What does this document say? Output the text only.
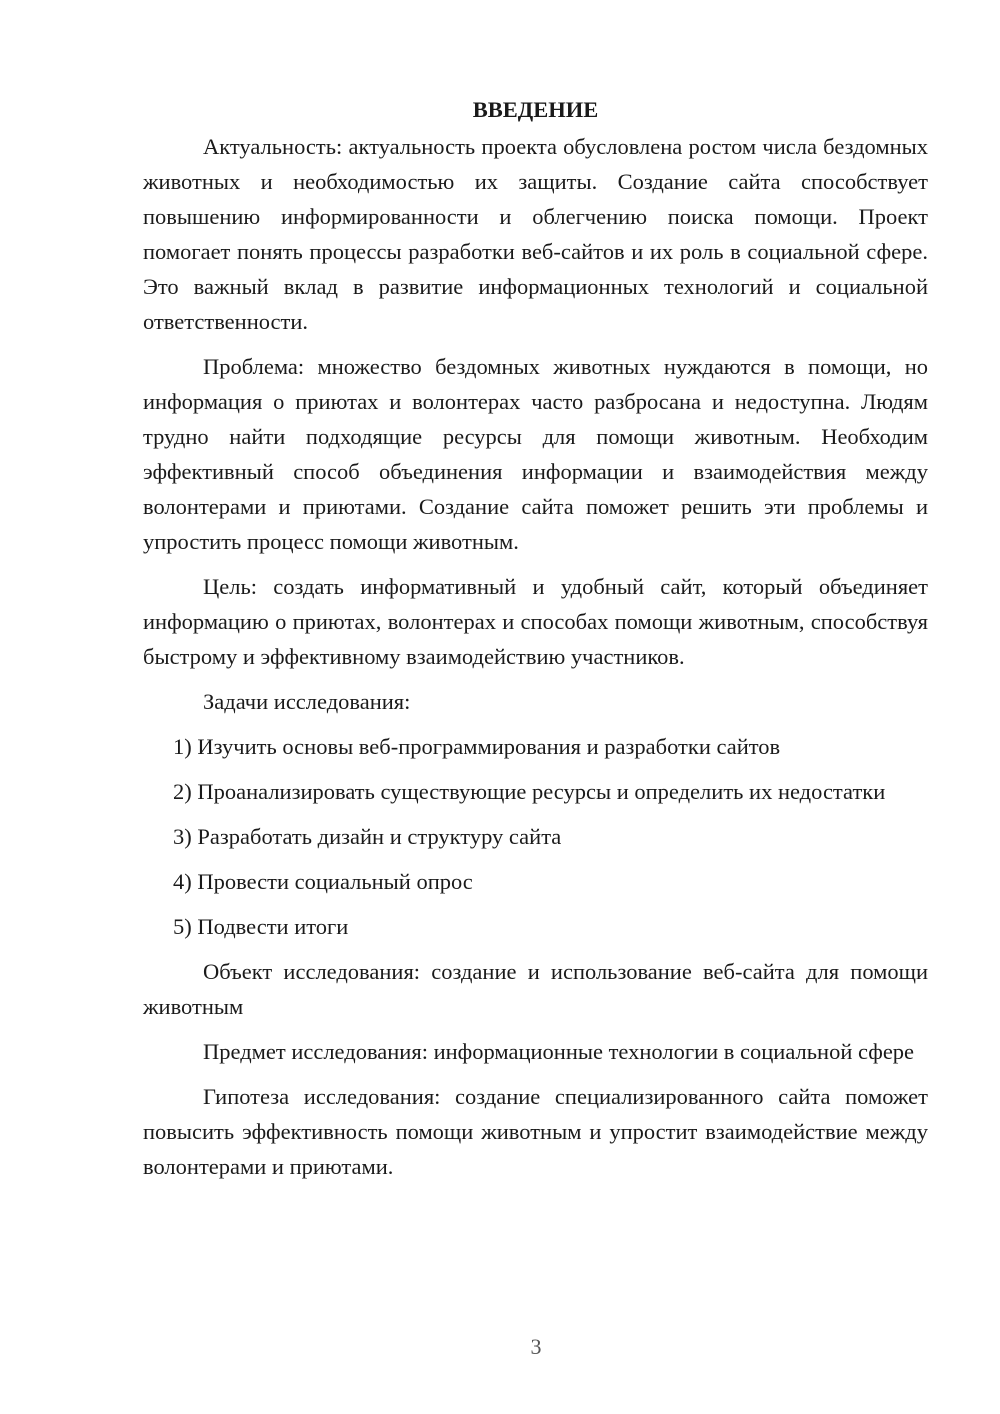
ВВЕДЕНИЕ

Актуальность: актуальность проекта обусловлена ростом числа бездомных животных и необходимостью их защиты. Создание сайта способствует повышению информированности и облегчению поиска помощи. Проект помогает понять процессы разработки веб-сайтов и их роль в социальной сфере. Это важный вклад в развитие информационных технологий и социальной ответственности.

Проблема: множество бездомных животных нуждаются в помощи, но информация о приютах и волонтерах часто разбросана и недоступна. Людям трудно найти подходящие ресурсы для помощи животным. Необходим эффективный способ объединения информации и взаимодействия между волонтерами и приютами. Создание сайта поможет решить эти проблемы и упростить процесс помощи животным.

Цель: создать информативный и удобный сайт, который объединяет информацию о приютах, волонтерах и способах помощи животным, способствуя быстрому и эффективному взаимодействию участников.

Задачи исследования:

1) Изучить основы веб-программирования и разработки сайтов

2) Проанализировать существующие ресурсы и определить их недостатки

3) Разработать дизайн и структуру сайта

4) Провести социальный опрос

5) Подвести итоги

Объект исследования: создание и использование веб-сайта для помощи животным

Предмет исследования: информационные технологии в социальной сфере

Гипотеза исследования: создание специализированного сайта поможет повысить эффективность помощи животным и упростит взаимодействие между волонтерами и приютами.

3
